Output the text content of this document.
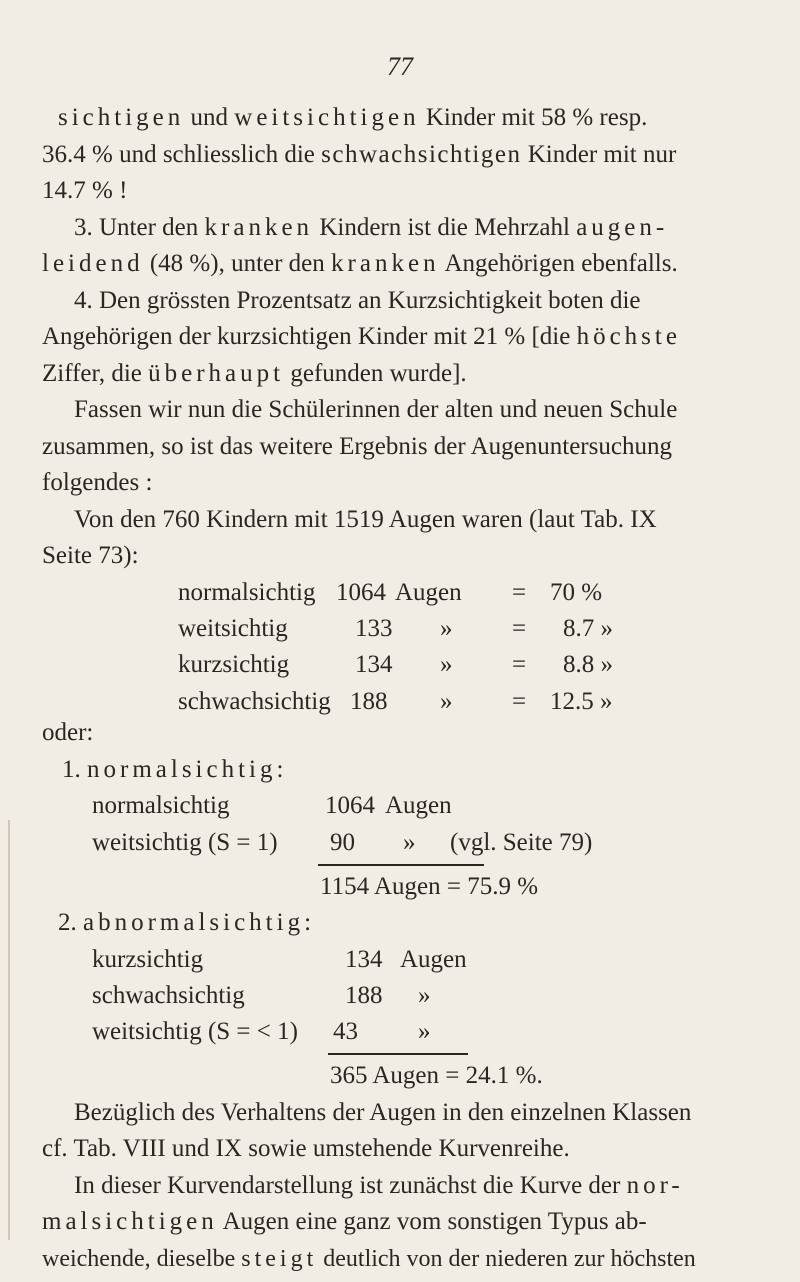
77
sichtigen und weitsichtigen Kinder mit 58 % resp.
36.4 % und schliesslich die schwachsichtigen Kinder mit nur
14.7 % !
3. Unter den kranken Kindern ist die Mehrzahl augen-
leidend (48 %), unter den kranken Angehörigen ebenfalls.
4. Den grössten Prozentsatz an Kurzsichtigkeit boten die
Angehörigen der kurzsichtigen Kinder mit 21 % [die höchste
Ziffer, die überhaupt gefunden wurde].
Fassen wir nun die Schülerinnen der alten und neuen Schule
zusammen, so ist das weitere Ergebnis der Augenuntersuchung
folgendes :
Von den 760 Kindern mit 1519 Augen waren (laut Tab. IX
Seite 73):
normalsichtig 1064 Augen = 70 %
weitsichtig	133 » = 8.7 »
kurzsichtig	134 » = 8.8 »
schwachsichtig 188 » = 12.5 »
oder:
1. normalsichtig:
normalsichtig	1064 Augen
weitsichtig (S = 1) 90 » (vgl. Seite 79)
1154 Augen = 75.9 %
2. abnormalsichtig:
kurzsichtig	134 Augen
schwachsichtig	188 »
weitsichtig (S = < 1) 43 »
365 Augen = 24.1 %.
Bezüglich des Verhaltens der Augen in den einzelnen Klassen
cf. Tab. VIII und IX sowie umstehende Kurvenreihe.
In dieser Kurvendarstellung ist zunächst die Kurve der nor-
malsichtigen Augen eine ganz vom sonstigen Typus ab-
weichende, dieselbe steigt deutlich von der niederen zur höchsten
